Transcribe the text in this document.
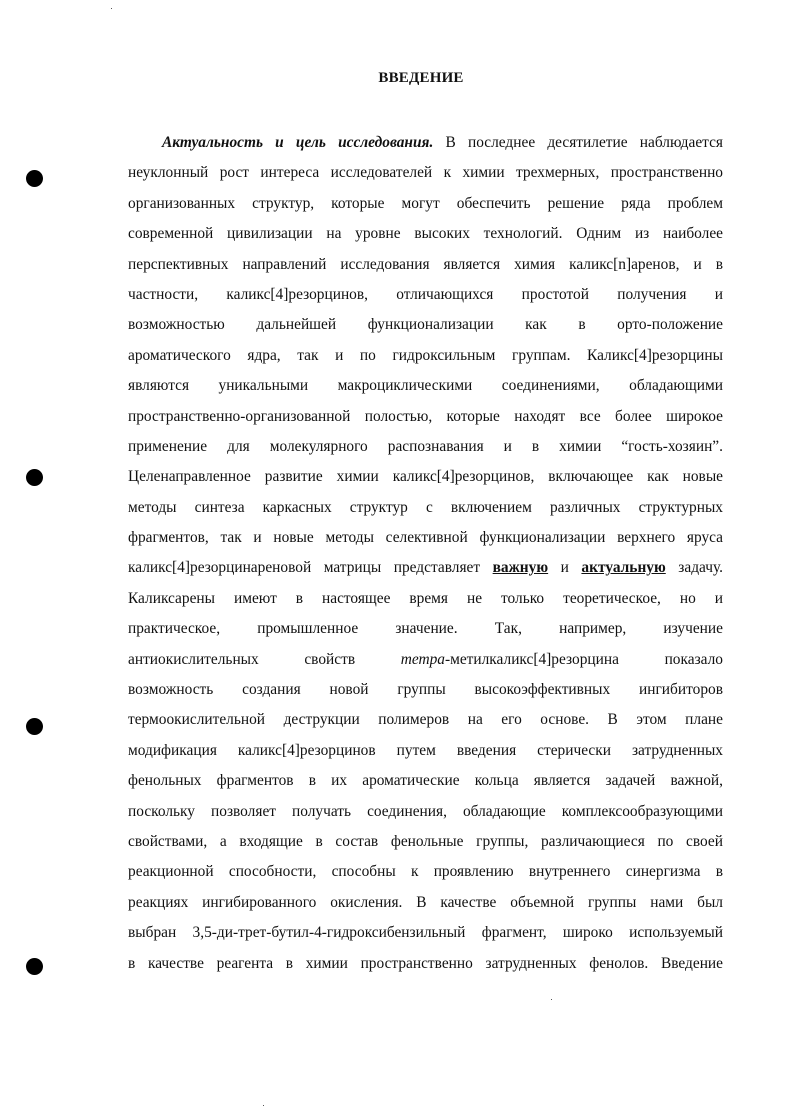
ВВЕДЕНИЕ
Актуальность и цель исследования. В последнее десятилетие наблюдается
неуклонный рост интереса исследователей к химии трехмерных, пространственно
организованных структур, которые могут обеспечить решение ряда проблем
современной цивилизации на уровне высоких технологий. Одним из наиболее
перспективных направлений исследования является химия каликс[n]аренов, и в
частности, каликс[4]резорцинов, отличающихся простотой получения и
возможностью дальнейшей функционализации как в орто-положение
ароматического ядра, так и по гидроксильным группам. Каликс[4]резорцины
являются уникальными макроциклическими соединениями, обладающими
пространственно-организованной полостью, которые находят все более широкое
применение для молекулярного распознавания и в химии “гость-хозяин”.
Целенаправленное развитие химии каликс[4]резорцинов, включающее как новые
методы синтеза каркасных структур с включением различных структурных
фрагментов, так и новые методы селективной функционализации верхнего яруса
каликс[4]резорцинареновой матрицы представляет важную и актуальную задачу.
Каликсарены имеют в настоящее время не только теоретическое, но и
практическое, промышленное значение. Так, например, изучение
антиокислительных свойств тетра-метилкаликс[4]резорцина показало
возможность создания новой группы высокоэффективных ингибиторов
термоокислительной деструкции полимеров на его основе. В этом плане
модификация каликс[4]резорцинов путем введения стерически затрудненных
фенольных фрагментов в их ароматические кольца является задачей важной,
поскольку позволяет получать соединения, обладающие комплексообразующими
свойствами, а входящие в состав фенольные группы, различающиеся по своей
реакционной способности, способны к проявлению внутреннего синергизма в
реакциях ингибированного окисления. В качестве объемной группы нами был
выбран 3,5-ди-трет-бутил-4-гидроксибензильный фрагмент, широко используемый
в качестве реагента в химии пространственно затрудненных фенолов. Введение
